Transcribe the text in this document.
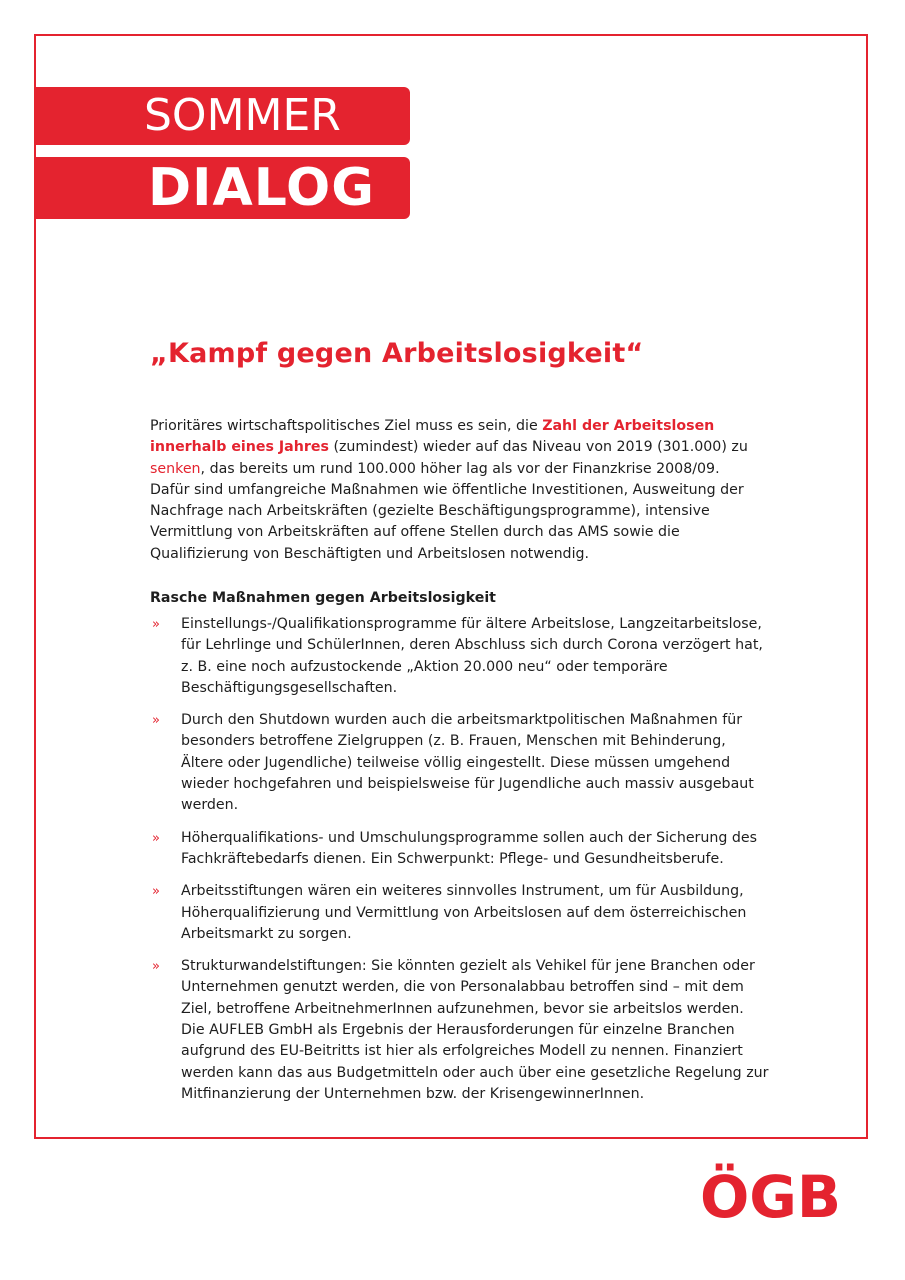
SOMMER
DIALOG
„Kampf gegen Arbeitslosigkeit“

Prioritäres wirtschaftspolitisches Ziel muss es sein, die Zahl der Arbeitslosen innerhalb eines Jahres (zumindest) wieder auf das Niveau von 2019 (301.000) zu senken, das bereits um rund 100.000 höher lag als vor der Finanzkrise 2008/09. Dafür sind umfangreiche Maßnahmen wie öffentliche Investitionen, Ausweitung der Nachfrage nach Arbeitskräften (gezielte Beschäftigungsprogramme), intensive Vermittlung von Arbeitskräften auf offene Stellen durch das AMS sowie die Qualifizierung von Beschäftigten und Arbeitslosen notwendig.

Rasche Maßnahmen gegen Arbeitslosigkeit
» Einstellungs-/Qualifikationsprogramme für ältere Arbeitslose, Langzeitarbeitslose, für Lehrlinge und SchülerInnen, deren Abschluss sich durch Corona verzögert hat, z. B. eine noch aufzustockende „Aktion 20.000 neu“ oder temporäre Beschäftigungsgesellschaften.
» Durch den Shutdown wurden auch die arbeitsmarktpolitischen Maßnahmen für besonders betroffene Zielgruppen (z. B. Frauen, Menschen mit Behinderung, Ältere oder Jugendliche) teilweise völlig eingestellt. Diese müssen umgehend wieder hochgefahren und beispielsweise für Jugendliche auch massiv ausgebaut werden.
» Höherqualifikations- und Umschulungsprogramme sollen auch der Sicherung des Fachkräftebedarfs dienen. Ein Schwerpunkt: Pflege- und Gesundheitsberufe.
» Arbeitsstiftungen wären ein weiteres sinnvolles Instrument, um für Ausbildung, Höherqualifizierung und Vermittlung von Arbeitslosen auf dem österreichischen Arbeitsmarkt zu sorgen.
» Strukturwandelstiftungen: Sie könnten gezielt als Vehikel für jene Branchen oder Unternehmen genutzt werden, die von Personalabbau betroffen sind – mit dem Ziel, betroffene ArbeitnehmerInnen aufzunehmen, bevor sie arbeitslos werden. Die AUFLEB GmbH als Ergebnis der Herausforderungen für einzelne Branchen aufgrund des EU-Beitritts ist hier als erfolgreiches Modell zu nennen. Finanziert werden kann das aus Budgetmitteln oder auch über eine gesetzliche Regelung zur Mitfinanzierung der Unternehmen bzw. der KrisengewinnerInnen.
ÖGB
